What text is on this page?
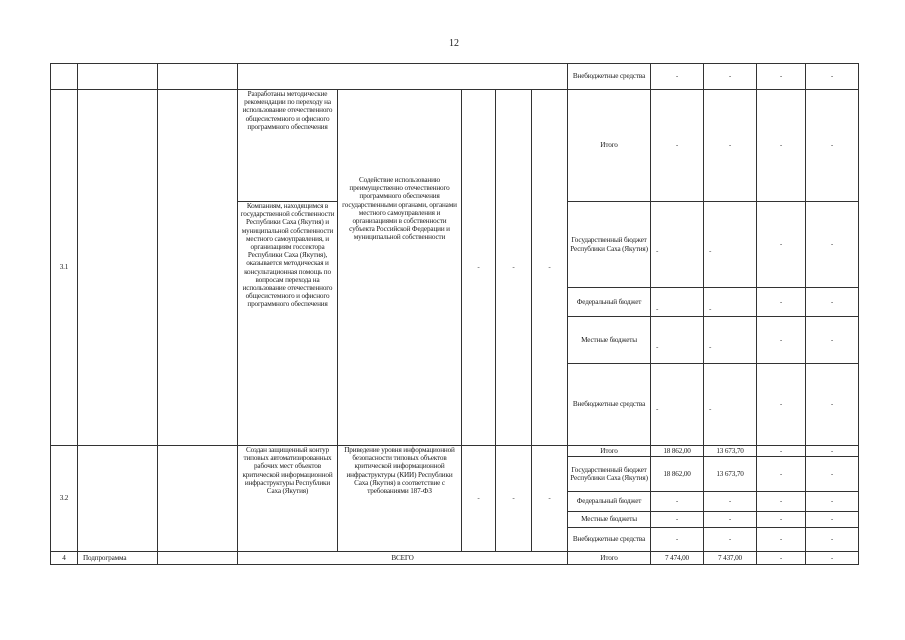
12
								Внебюджетные средства	-	-	-	-
3.1			Разработаны методические рекомендации по переходу на использование отечественного общесистемного и офисного программного обеспечения	Содействие использованию преимущественно отечественного программного обеспечения государственными органами, органами местного самоуправления и организациями в собственности субъекта Российской Федерации и муниципальной собственности	-	-	-	Итого	-	-	-	-
			Компаниям, находящимся в государственной собственности Республики Саха (Якутия) и муниципальной собственности местного самоуправления, и организациям госсектора Республики Саха (Якутия), оказывается методическая и консультационная помощь по вопросам перехода на использование отечественного общесистемного и офисного программного обеспечения					Государственный бюджет Республики Саха (Якутия)	-	-	-	-
								Федеральный бюджет	-	-	-	-
								Местные бюджеты	-	-	-	-
								Внебюджетные средства	-	-	-	-
3.2			Создан защищенный контур типовых автоматизированных рабочих мест объектов критической информационной инфраструктуры Республики Саха (Якутия)	Приведение уровня информационной безопасности типовых объектов критической информационной инфраструктуры (КИИ) Республики Саха (Якутия) в соответствие с требованиями 187-ФЗ	-	-	-	Итого	18 862,00	13 673,70	-	-
								Государственный бюджет Республики Саха (Якутия)	18 862,00	13 673,70	-	-
								Федеральный бюджет	-	-	-	-
								Местные бюджеты	-	-	-	-
								Внебюджетные средства	-	-	-	-
4	Подпрограмма		ВСЕГО					Итого	7 474,00	7 437,00	-	-
